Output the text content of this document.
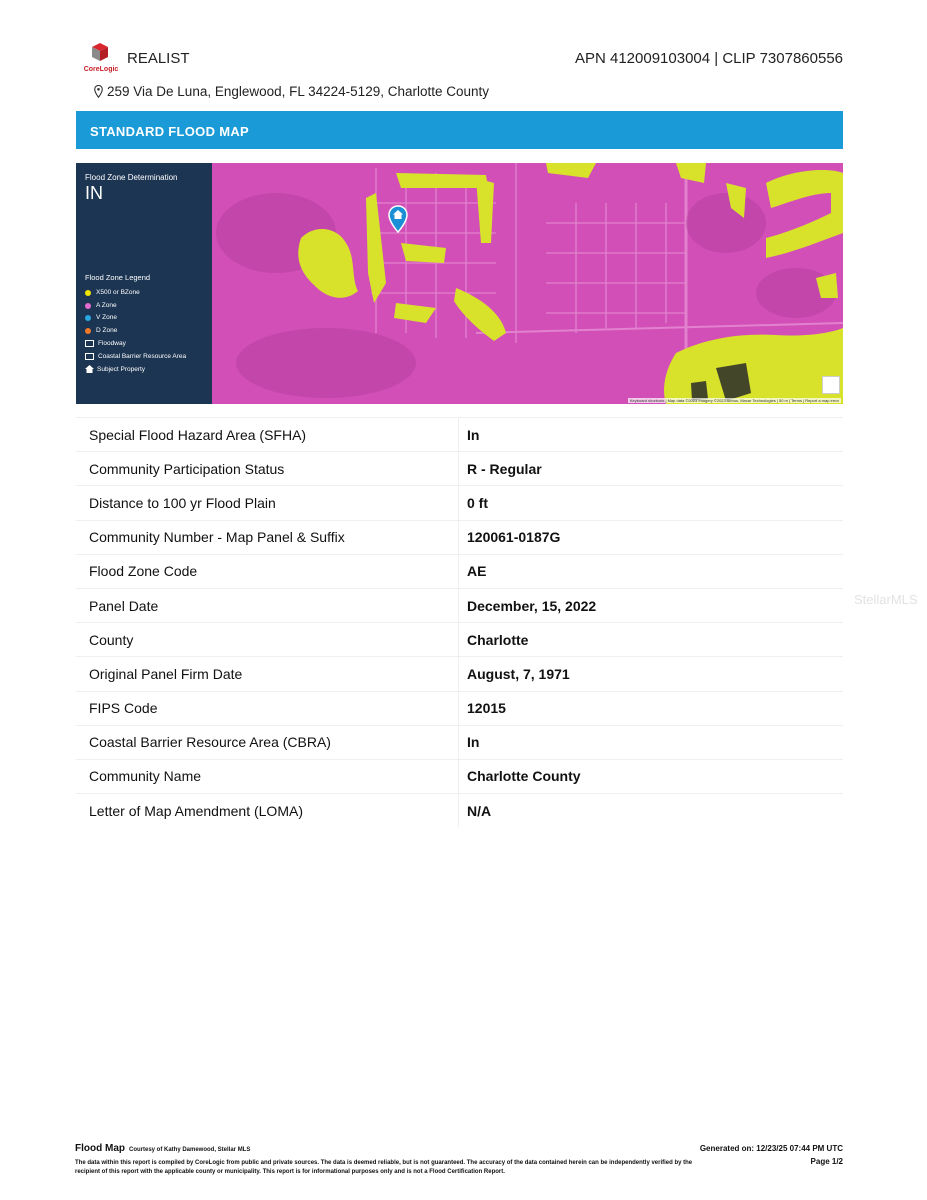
CoreLogic
REALIST	APN 412009103004 | CLIP 7307860556
259 Via De Luna, Englewood, FL 34224-5129, Charlotte County
STANDARD FLOOD MAP
Flood Zone Determination
IN
Flood Zone Legend
X500 or BZone
A Zone
V Zone
D Zone
Floodway
Coastal Barrier Resource Area
Subject Property
Keyboard shortcuts | Map data ©2023 Imagery ©2023 Airbus, Maxar Technologies | 50 m | Terms | Report a map error
Special Flood Hazard Area (SFHA)	In
Community Participation Status	R - Regular
Distance to 100 yr Flood Plain	0 ft
Community Number - Map Panel & Suffix	120061-0187G
Flood Zone Code	AE
Panel Date	December, 15, 2022
County	Charlotte
Original Panel Firm Date	August, 7, 1971
FIPS Code	12015
Coastal Barrier Resource Area (CBRA)	In
Community Name	Charlotte County
Letter of Map Amendment (LOMA)	N/A
StellarMLS
Flood Map Courtesy of Kathy Damewood, Stellar MLS	Generated on: 12/23/25 07:44 PM UTC
Page 1/2
The data within this report is compiled by CoreLogic from public and private sources. The data is deemed reliable, but is not guaranteed. The accuracy of the data contained herein can be independently verified by the recipient of this report with the applicable county or municipality. This report is for informational purposes only and is not a Flood Certification Report.
